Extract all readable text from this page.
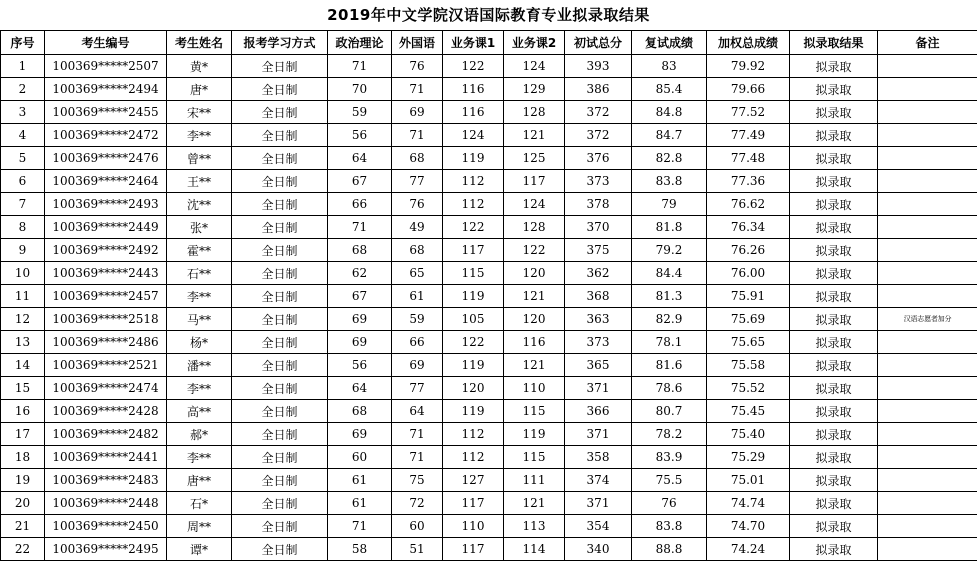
2019年中文学院汉语国际教育专业拟录取结果
序号	考生编号	考生姓名	报考学习方式	政治理论	外国语	业务课1	业务课2	初试总分	复试成绩	加权总成绩	拟录取结果	备注
1	100369*****2507	黄*	全日制	71	76	122	124	393	83	79.92	拟录取	
2	100369*****2494	唐*	全日制	70	71	116	129	386	85.4	79.66	拟录取	
3	100369*****2455	宋**	全日制	59	69	116	128	372	84.8	77.52	拟录取	
4	100369*****2472	李**	全日制	56	71	124	121	372	84.7	77.49	拟录取	
5	100369*****2476	曾**	全日制	64	68	119	125	376	82.8	77.48	拟录取	
6	100369*****2464	王**	全日制	67	77	112	117	373	83.8	77.36	拟录取	
7	100369*****2493	沈**	全日制	66	76	112	124	378	79	76.62	拟录取	
8	100369*****2449	张*	全日制	71	49	122	128	370	81.8	76.34	拟录取	
9	100369*****2492	霍**	全日制	68	68	117	122	375	79.2	76.26	拟录取	
10	100369*****2443	石**	全日制	62	65	115	120	362	84.4	76.00	拟录取	
11	100369*****2457	李**	全日制	67	61	119	121	368	81.3	75.91	拟录取	
12	100369*****2518	马**	全日制	69	59	105	120	363	82.9	75.69	拟录取	汉语志愿者加分
13	100369*****2486	杨*	全日制	69	66	122	116	373	78.1	75.65	拟录取	
14	100369*****2521	潘**	全日制	56	69	119	121	365	81.6	75.58	拟录取	
15	100369*****2474	李**	全日制	64	77	120	110	371	78.6	75.52	拟录取	
16	100369*****2428	高**	全日制	68	64	119	115	366	80.7	75.45	拟录取	
17	100369*****2482	郝*	全日制	69	71	112	119	371	78.2	75.40	拟录取	
18	100369*****2441	李**	全日制	60	71	112	115	358	83.9	75.29	拟录取	
19	100369*****2483	唐**	全日制	61	75	127	111	374	75.5	75.01	拟录取	
20	100369*****2448	石*	全日制	61	72	117	121	371	76	74.74	拟录取	
21	100369*****2450	周**	全日制	71	60	110	113	354	83.8	74.70	拟录取	
22	100369*****2495	谭*	全日制	58	51	117	114	340	88.8	74.24	拟录取	
